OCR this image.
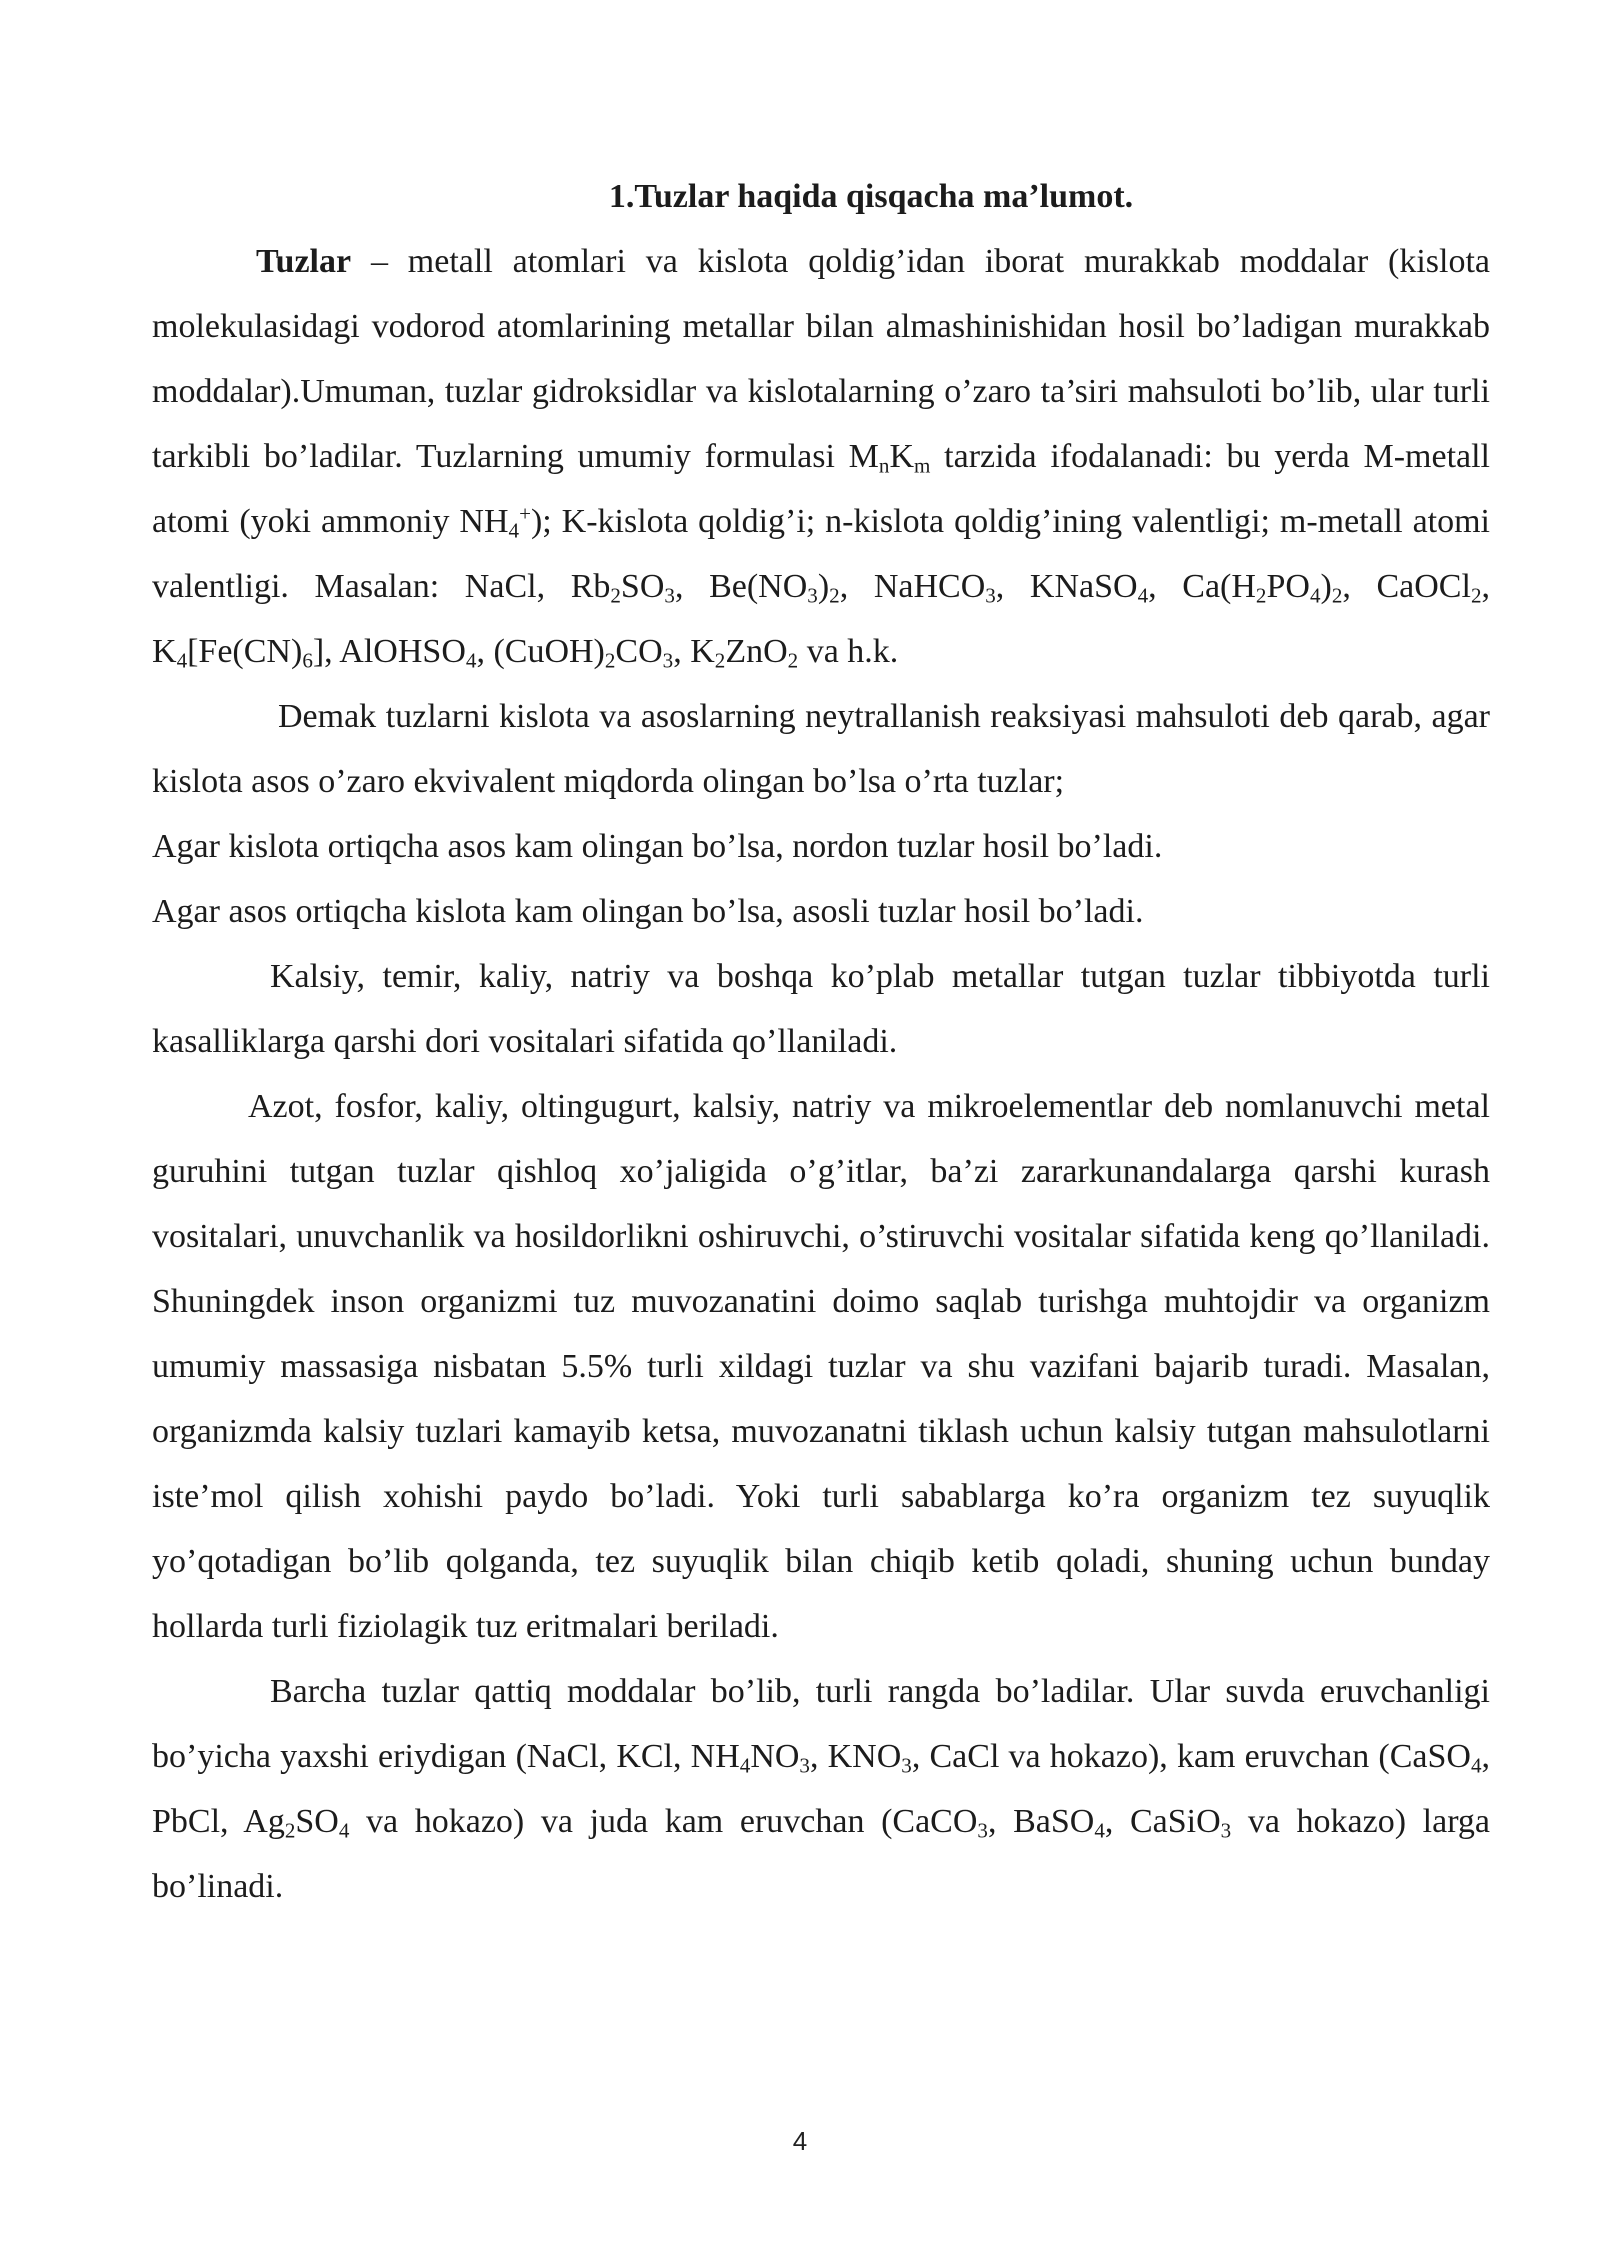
1.Tuzlar haqida qisqacha ma’lumot.

Tuzlar – metall atomlari va kislota qoldig’idan iborat murakkab moddalar (kislota molekulasidagi vodorod atomlarining metallar bilan almashinishidan hosil bo’ladigan murakkab moddalar).Umuman, tuzlar gidroksidlar va kislotalarning o’zaro ta’siri mahsuloti bo’lib, ular turli tarkibli bo’ladilar. Tuzlarning umumiy formulasi $M_nK_m$ tarzida ifodalanadi: bu yerda M-metall atomi (yoki ammoniy $NH_4^+$); K-kislota qoldig’i; n-kislota qoldig’ining valentligi; m-metall atomi valentligi. Masalan: NaCl, $Rb_2SO_3$, $Be(NO_3)_2$, NaHCO$_3$, KNaSO$_4$, $Ca(H_2PO_4)_2$, CaOCl$_2$, $K_4[Fe(CN)_6]$, AlOHSO$_4$, $(CuOH)_2CO_3$, $K_2ZnO_2$ va h.k.

Demak tuzlarni kislota va asoslarning neytrallanish reaksiyasi mahsuloti deb qarab, agar kislota asos o’zaro ekvivalent miqdorda olingan bo’lsa o’rta tuzlar;

Agar kislota ortiqcha asos kam olingan bo’lsa, nordon tuzlar hosil bo’ladi.

Agar asos ortiqcha kislota kam olingan bo’lsa, asosli tuzlar hosil bo’ladi.

Kalsiy, temir, kaliy, natriy va boshqa ko’plab metallar tutgan tuzlar tibbiyotda turli kasalliklarga qarshi dori vositalari sifatida qo’llaniladi.

Azot, fosfor, kaliy, oltingugurt, kalsiy, natriy va mikroelementlar deb nomlanuvchi metal guruhini tutgan tuzlar qishloq xo’jaligida o’g’itlar, ba’zi zararkunandalarga qarshi kurash vositalari, unuvchanlik va hosildorlikni oshiruvchi, o’stiruvchi vositalar sifatida keng qo’llaniladi. Shuningdek inson organizmi tuz muvozanatini doimo saqlab turishga muhtojdir va organizm umumiy massasiga nisbatan 5.5% turli xildagi tuzlar va shu vazifani bajarib turadi. Masalan, organizmda kalsiy tuzlari kamayib ketsa, muvozanatni tiklash uchun kalsiy tutgan mahsulotlarni iste’mol qilish xohishi paydo bo’ladi. Yoki turli sabablarga ko’ra organizm tez suyuqlik yo’qotadigan bo’lib qolganda, tez suyuqlik bilan chiqib ketib qoladi, shuning uchun bunday hollarda turli fiziolagik tuz eritmalari beriladi.

Barcha tuzlar qattiq moddalar bo’lib, turli rangda bo’ladilar. Ular suvda eruvchanligi bo’yicha yaxshi eriydigan (NaCl, KCl, $NH_4NO_3$, $KNO_3$, CaCl va hokazo), kam eruvchan (CaSO$_4$, PbCl, $Ag_2SO_4$ va hokazo) va juda kam eruvchan (CaCO$_3$, BaSO$_4$, CaSiO$_3$ va hokazo) larga bo’linadi.

4
